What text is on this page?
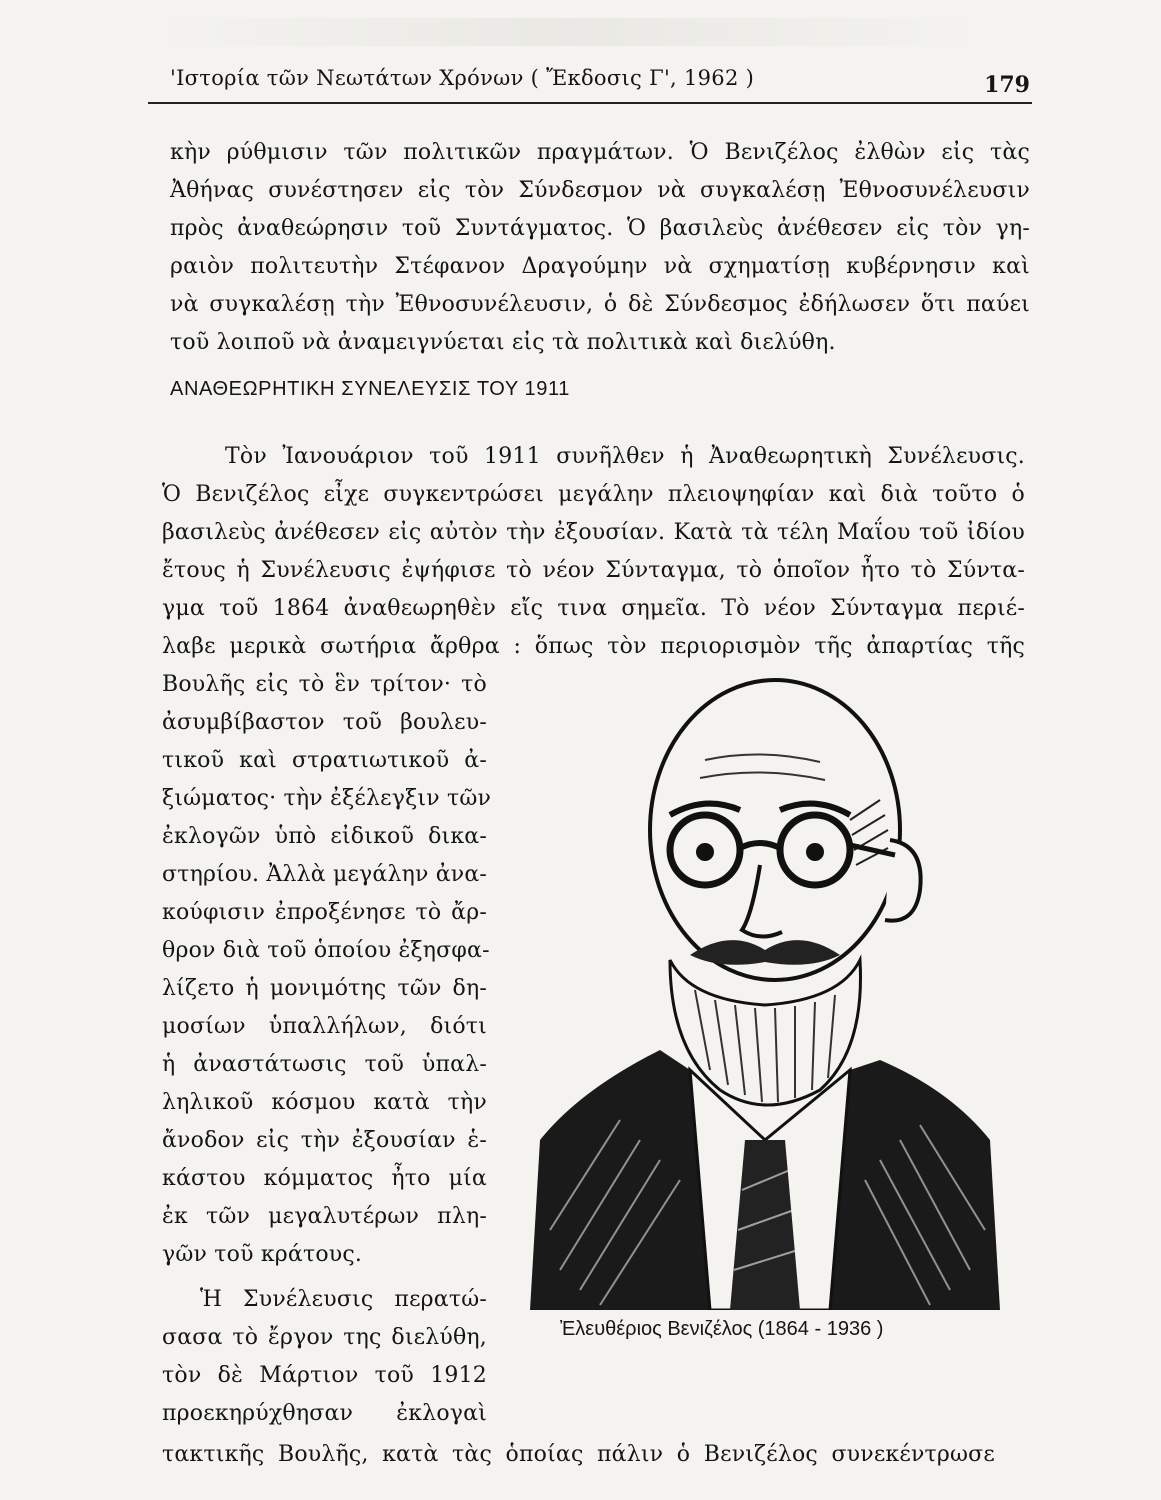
'Ιστορία τῶν Νεωτάτων Χρόνων ( Ἔκδοσις Γ', 1962 )	179
κὴν ρύθμισιν τῶν πολιτικῶν πραγμάτων. Ὁ Βενιζέλος ἐλθὼν εἰς τὰς
Ἀθήνας συνέστησεν εἰς τὸν Σύνδεσμον νὰ συγκαλέσῃ Ἐθνοσυνέλευσιν
πρὸς ἀναθεώρησιν τοῦ Συντάγματος. Ὁ βασιλεὺς ἀνέθεσεν εἰς τὸν γη-
ραιὸν πολιτευτὴν Στέφανον Δραγούμην νὰ σχηματίσῃ κυβέρνησιν καὶ
νὰ συγκαλέσῃ τὴν Ἐθνοσυνέλευσιν, ὁ δὲ Σύνδεσμος ἐδήλωσεν ὅτι παύει
τοῦ λοιποῦ νὰ ἀναμειγνύεται εἰς τὰ πολιτικὰ καὶ διελύθη.
ΑΝΑΘΕΩΡΗΤΙΚΗ ΣΥΝΕΛΕΥΣΙΣ ΤΟΥ 1911
Τὸν Ἰανουάριον τοῦ 1911 συνῆλθεν ἡ Ἀναθεωρητικὴ Συνέλευσις.
Ὁ Βενιζέλος εἶχε συγκεντρώσει μεγάλην πλειοψηφίαν καὶ διὰ τοῦτο ὁ
βασιλεὺς ἀνέθεσεν εἰς αὐτὸν τὴν ἐξουσίαν. Κατὰ τὰ τέλη Μαΐου τοῦ ἰδίου
ἔτους ἡ Συνέλευσις ἐψήφισε τὸ νέον Σύνταγμα, τὸ ὁποῖον ἦτο τὸ Σύντα-
γμα τοῦ 1864 ἀναθεωρηθὲν εἴς τινα σημεῖα. Τὸ νέον Σύνταγμα περιέ-
λαβε μερικὰ σωτήρια ἄρθρα : ὅπως τὸν περιορισμὸν τῆς ἀπαρτίας τῆς
Βουλῆς εἰς τὸ ἓν τρίτον· τὸ
ἀσυμβίβαστον τοῦ βουλευ-
τικοῦ καὶ στρατιωτικοῦ ἀ-
ξιώματος· τὴν ἐξέλεγξιν τῶν
ἐκλογῶν ὑπὸ εἰδικοῦ δικα-
στηρίου. Ἀλλὰ μεγάλην ἀνα-
κούφισιν ἐπροξένησε τὸ ἄρ-
θρον διὰ τοῦ ὁποίου ἐξησφα-
λίζετο ἡ μονιμότης τῶν δη-
μοσίων ὑπαλλήλων, διότι
ἡ ἀναστάτωσις τοῦ ὑπαλ-
ληλικοῦ κόσμου κατὰ τὴν
ἄνοδον εἰς τὴν ἐξουσίαν ἑ-
κάστου κόμματος ἦτο μία
ἐκ τῶν μεγαλυτέρων πλη-
γῶν τοῦ κράτους.
Ἡ Συνέλευσις περατώ-
σασα τὸ ἔργον της διελύθη,
τὸν δὲ Μάρτιον τοῦ 1912
προεκηρύχθησαν ἐκλογαὶ
τακτικῆς Βουλῆς, κατὰ τὰς ὁποίας πάλιν ὁ Βενιζέλος συνεκέντρωσε
Ἐλευθέριος Βενιζέλος (1864 - 1936 )
